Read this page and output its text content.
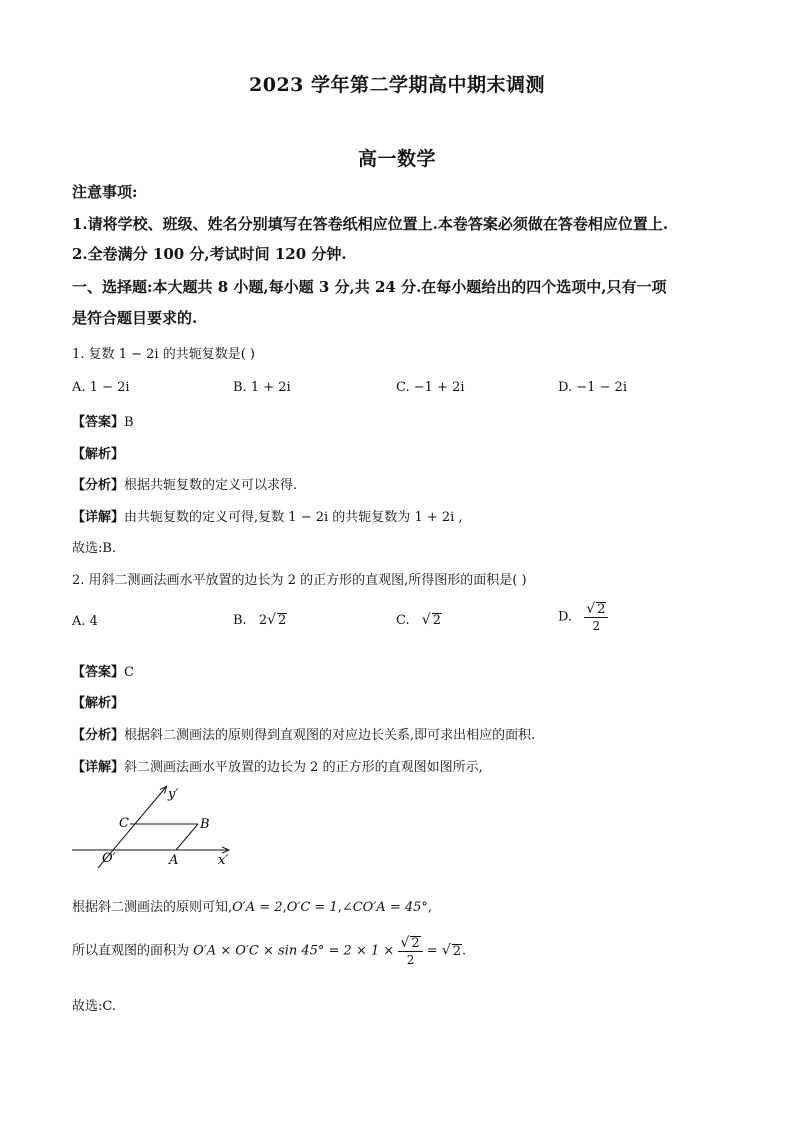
2023 学年第二学期高中期末调测
高一数学
注意事项:
1.请将学校、班级、姓名分别填写在答卷纸相应位置上.本卷答案必须做在答卷相应位置上.
2.全卷满分 100 分,考试时间 120 分钟.
一、选择题:本大题共 8 小题,每小题 3 分,共 24 分.在每小题给出的四个选项中,只有一项
是符合题目要求的.
1. 复数 1 − 2i 的共轭复数是( )
A. 1 − 2i	B. 1 + 2i	C. −1 + 2i	D. −1 − 2i
【答案】B
【解析】
【分析】根据共轭复数的定义可以求得.
【详解】由共轭复数的定义可得,复数 1 − 2i 的共轭复数为 1 + 2i ,
故选:B.
2. 用斜二测画法画水平放置的边长为 2 的正方形的直观图,所得图形的面积是( )
A. 4	B. 2√ 2	C. √ 2	D. $\frac{√ 2}{2}$
【答案】C
【解析】
【分析】根据斜二测画法的原则得到直观图的对应边长关系,即可求出相应的面积.
【详解】斜二测画法画水平放置的边长为 2 的正方形的直观图如图所示,
y′
x′
O′	A
B
C
根据斜二测画法的原则可知,O′A = 2,O′C = 1,∠CO′A = 45°,
所以直观图的面积为 $O'A \times O'C \times \sin 45^\circ = 2 \times 1 \times \frac{√ 2}{2}$ = √ 2.
故选:C.
